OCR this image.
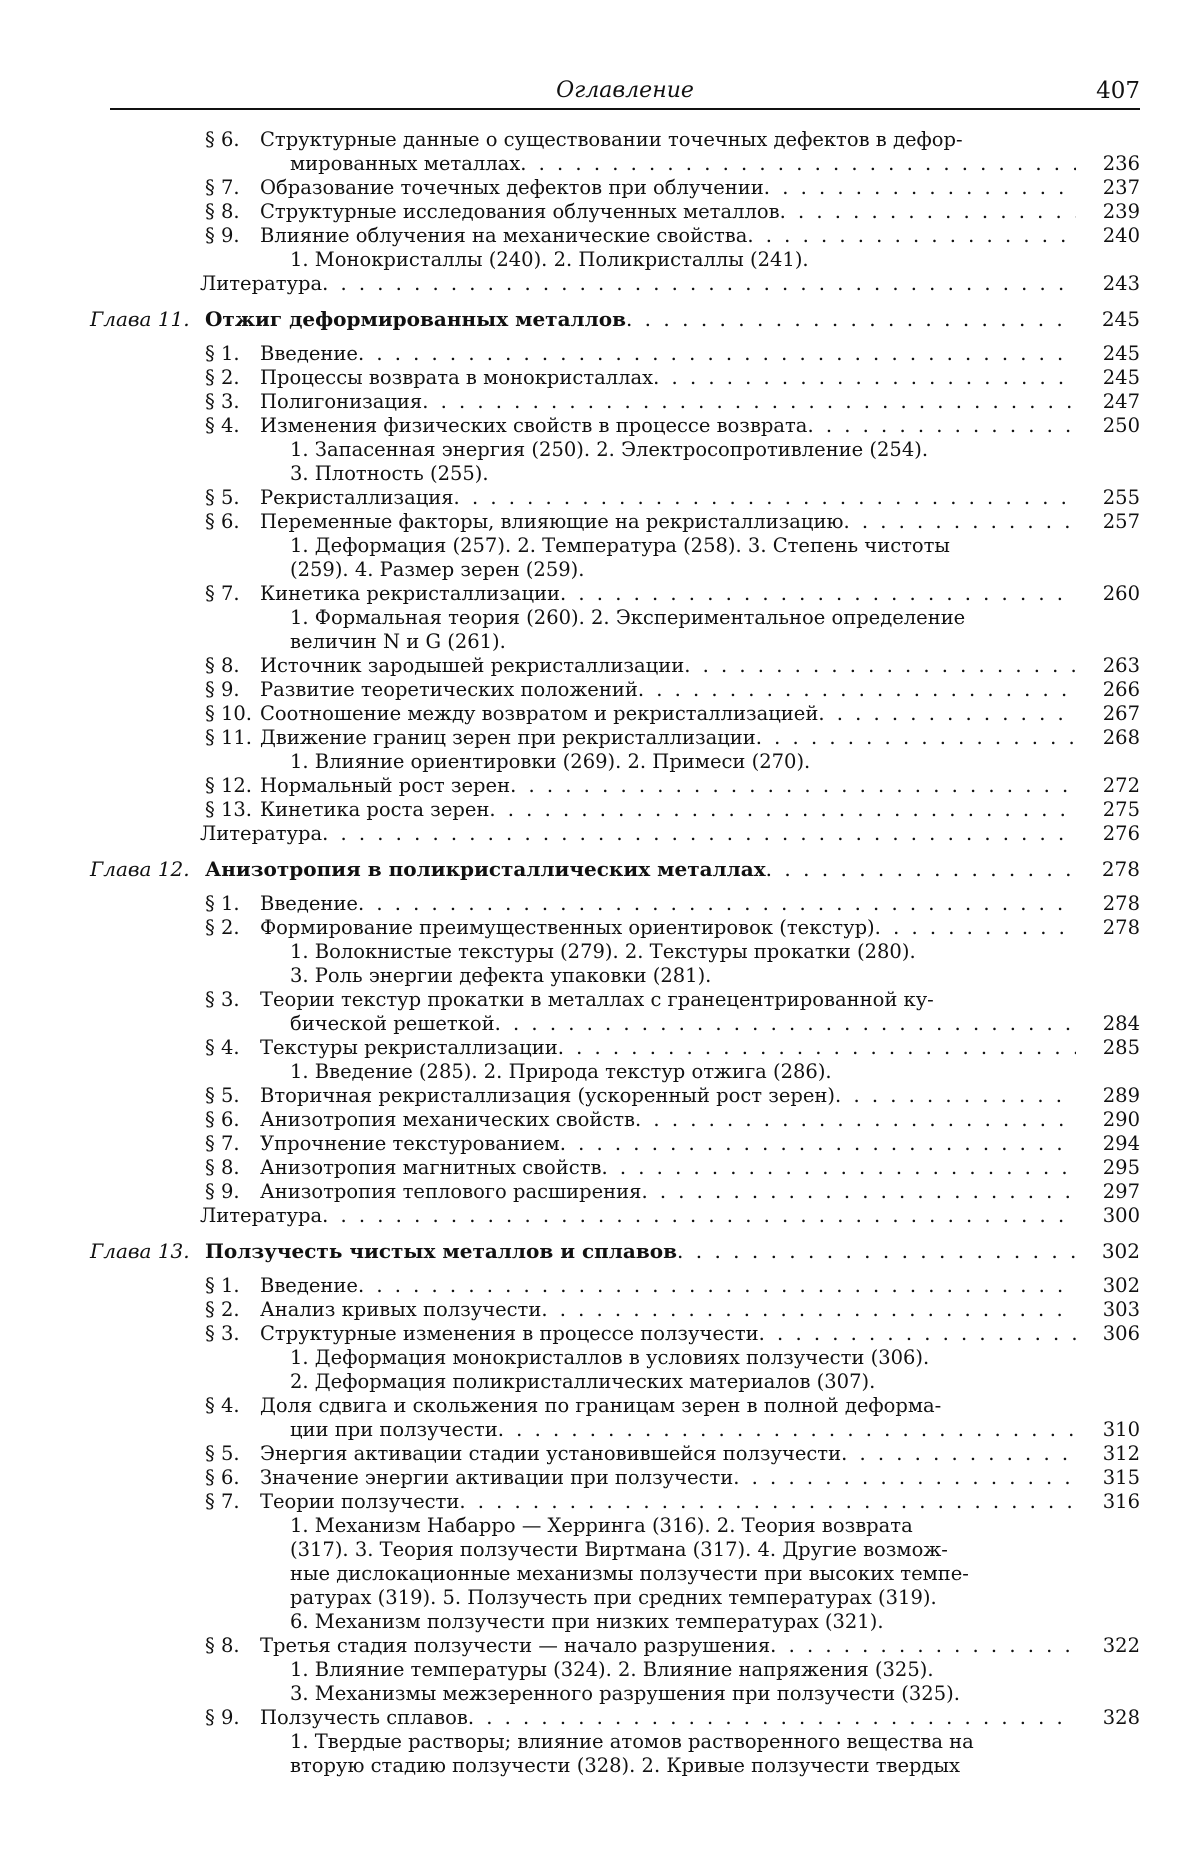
Оглавление	407
§ 6.	Структурные данные о существовании точечных дефектов в дефор-
мированных металлах . . . . . . . . . . . . . . . . . . . . . . . . . . . . . .	236
§ 7.	Образование точечных дефектов при облучении . . . . . . . . . . . . . . . . .	237
§ 8.	Структурные исследования облученных металлов . . . . . . . . . . . . . . . .	239
§ 9.	Влияние облучения на механические свойства . . . . . . . . . . . . . . . . . .	240
1. Монокристаллы (240). 2. Поликристаллы (241).
Литература . . . . . . . . . . . . . . . . . . . . . . . . . . . . . . . . . . . . . . . . .	243
Глава 11. Отжиг деформированных металлов . . . . . . . . . . . . . . . . . . . . . . . .	245
§ 1.	Введение . . . . . . . . . . . . . . . . . . . . . . . . . . . . . . . . . . . . . . .	245
§ 2.	Процессы возврата в монокристаллах . . . . . . . . . . . . . . . . . . . . . . .	245
§ 3.	Полигонизация . . . . . . . . . . . . . . . . . . . . . . . . . . . . . . . . . . . .	247
§ 4.	Изменения физических свойств в процессе возврата . . . . . . . . . . . . . . .	250
1. Запасенная энергия (250). 2. Электросопротивление (254).
3. Плотность (255).
§ 5.	Рекристаллизация . . . . . . . . . . . . . . . . . . . . . . . . . . . . . . . . . .	255
§ 6.	Переменные факторы, влияющие на рекристаллизацию . . . . . . . . . . . . .	257
1. Деформация (257). 2. Температура (258). 3. Степень чистоты
(259). 4. Размер зерен (259).
§ 7.	Кинетика рекристаллизации . . . . . . . . . . . . . . . . . . . . . . . . . . . .	260
1. Формальная теория (260). 2. Экспериментальное определение
величин N и G (261).
§ 8.	Источник зародышей рекристаллизации . . . . . . . . . . . . . . . . . . . . .	263
§ 9.	Развитие теоретических положений . . . . . . . . . . . . . . . . . . . . . . . .	266
§ 10. Соотношение между возвратом и рекристаллизацией . . . . . . . . . . . . . .	267
§ 11. Движение границ зерен при рекристаллизации . . . . . . . . . . . . . . . . .	268
1. Влияние ориентировки (269). 2. Примеси (270).
§ 12. Нормальный рост зерен . . . . . . . . . . . . . . . . . . . . . . . . . . . . . . .	272
§ 13. Кинетика роста зерен . . . . . . . . . . . . . . . . . . . . . . . . . . . . . . . .	275
Литература . . . . . . . . . . . . . . . . . . . . . . . . . . . . . . . . . . . . . . . . .	276
Глава 12. Анизотропия в поликристаллических металлах . . . . . . . . . . . . . . . . .	278
§ 1.	Введение . . . . . . . . . . . . . . . . . . . . . . . . . . . . . . . . . . . . . . .	278
§ 2.	Формирование преимущественных ориентировок (текстур) . . . . . . . . . . .	278
1. Волокнистые текстуры (279). 2. Текстуры прокатки (280).
3. Роль энергии дефекта упаковки (281).
§ 3.	Теории текстур прокатки в металлах с гранецентрированной ку-
бической решеткой . . . . . . . . . . . . . . . . . . . . . . . . . . . . . . . .	284
§ 4.	Текстуры рекристаллизации . . . . . . . . . . . . . . . . . . . . . . . . . . . .	285
1. Введение (285). 2. Природа текстур отжига (286).
§ 5.	Вторичная рекристаллизация (ускоренный рост зерен) . . . . . . . . . . . . .	289
§ 6.	Анизотропия механических свойств . . . . . . . . . . . . . . . . . . . . . . . .	290
§ 7.	Упрочнение текстурованием . . . . . . . . . . . . . . . . . . . . . . . . . . . .	294
§ 8.	Анизотропия магнитных свойств . . . . . . . . . . . . . . . . . . . . . . . . . .	295
§ 9.	Анизотропия теплового расширения . . . . . . . . . . . . . . . . . . . . . . . .	297
Литература . . . . . . . . . . . . . . . . . . . . . . . . . . . . . . . . . . . . . . . . .	300
Глава 13. Ползучесть чистых металлов и сплавов . . . . . . . . . . . . . . . . . . . . .	302
§ 1.	Введение . . . . . . . . . . . . . . . . . . . . . . . . . . . . . . . . . . . . . . .	302
§ 2.	Анализ кривых ползучести . . . . . . . . . . . . . . . . . . . . . . . . . . . . .	303
§ 3.	Структурные изменения в процессе ползучести . . . . . . . . . . . . . . . . .	306
1. Деформация монокристаллов в условиях ползучести (306).
2. Деформация поликристаллических материалов (307).
§ 4.	Доля сдвига и скольжения по границам зерен в полной деформа-
ции при ползучести . . . . . . . . . . . . . . . . . . . . . . . . . . . . . . .	310
§ 5.	Энергия активации стадии установившейся ползучести . . . . . . . . . . . . .	312
§ 6.	Значение энергии активации при ползучести . . . . . . . . . . . . . . . . . . .	315
§ 7.	Теории ползучести . . . . . . . . . . . . . . . . . . . . . . . . . . . . . . . . . .	316
1. Механизм Набарро — Херринга (316). 2. Теория возврата
(317). 3. Теория ползучести Виртмана (317). 4. Другие возмож-
ные дислокационные механизмы ползучести при высоких темпе-
ратурах (319). 5. Ползучесть при средних температурах (319).
6. Механизм ползучести при низких температурах (321).
§ 8.	Третья стадия ползучести — начало разрушения . . . . . . . . . . . . . . . . .	322
1. Влияние температуры (324). 2. Влияние напряжения (325).
3. Механизмы межзеренного разрушения при ползучести (325).
§ 9.	Ползучесть сплавов . . . . . . . . . . . . . . . . . . . . . . . . . . . . . . . . .	328
1. Твердые растворы; влияние атомов растворенного вещества на
вторую стадию ползучести (328). 2. Кривые ползучести твердых
